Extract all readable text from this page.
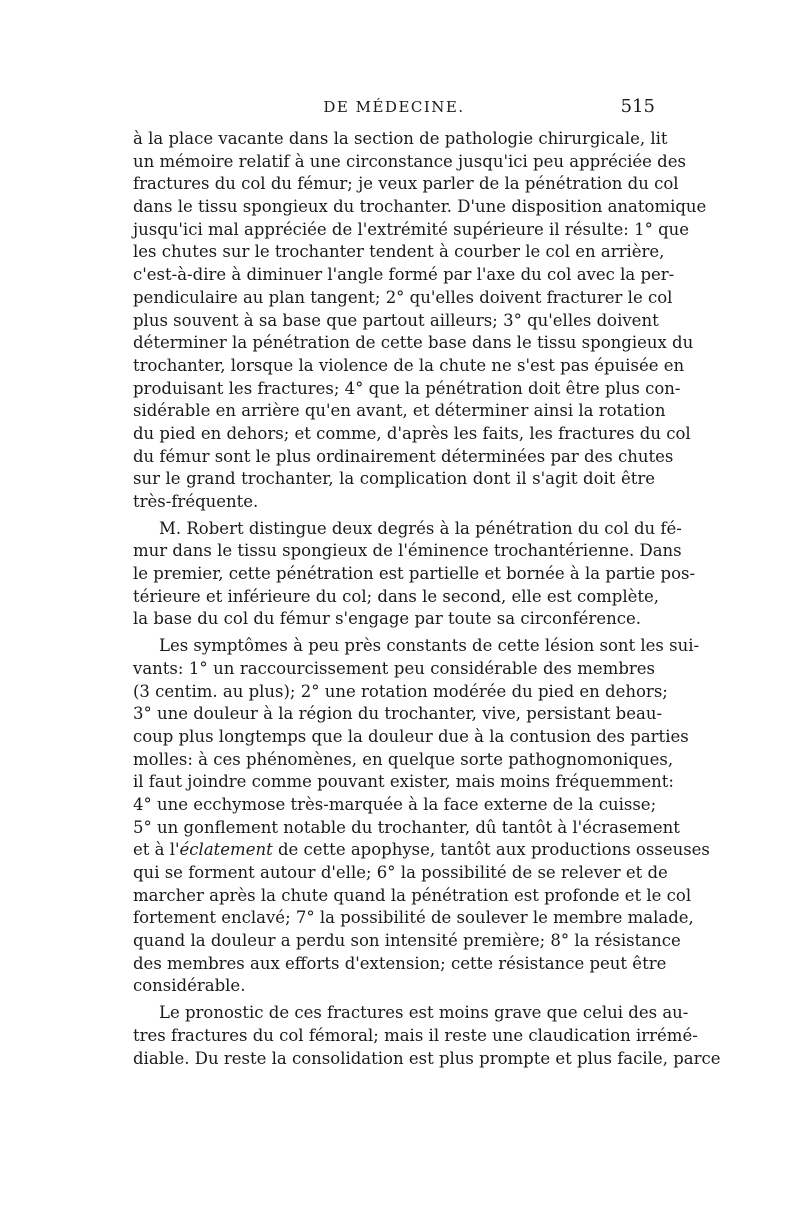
DE MÉDECINE.	515
à la place vacante dans la section de pathologie chirurgicale, lit
un mémoire relatif à une circonstance jusqu'ici peu appréciée des
fractures du col du fémur; je veux parler de la pénétration du col
dans le tissu spongieux du trochanter. D'une disposition anatomique
jusqu'ici mal appréciée de l'extrémité supérieure il résulte: 1° que
les chutes sur le trochanter tendent à courber le col en arrière,
c'est-à-dire à diminuer l'angle formé par l'axe du col avec la per-
pendiculaire au plan tangent; 2° qu'elles doivent fracturer le col
plus souvent à sa base que partout ailleurs; 3° qu'elles doivent
déterminer la pénétration de cette base dans le tissu spongieux du
trochanter, lorsque la violence de la chute ne s'est pas épuisée en
produisant les fractures; 4° que la pénétration doit être plus con-
sidérable en arrière qu'en avant, et déterminer ainsi la rotation
du pied en dehors; et comme, d'après les faits, les fractures du col
du fémur sont le plus ordinairement déterminées par des chutes
sur le grand trochanter, la complication dont il s'agit doit être
très-fréquente.
M. Robert distingue deux degrés à la pénétration du col du fé-
mur dans le tissu spongieux de l'éminence trochantérienne. Dans
le premier, cette pénétration est partielle et bornée à la partie pos-
térieure et inférieure du col; dans le second, elle est complète,
la base du col du fémur s'engage par toute sa circonférence.
Les symptômes à peu près constants de cette lésion sont les sui-
vants: 1° un raccourcissement peu considérable des membres
(3 centim. au plus); 2° une rotation modérée du pied en dehors;
3° une douleur à la région du trochanter, vive, persistant beau-
coup plus longtemps que la douleur due à la contusion des parties
molles: à ces phénomènes, en quelque sorte pathognomoniques,
il faut joindre comme pouvant exister, mais moins fréquemment:
4° une ecchymose très-marquée à la face externe de la cuisse;
5° un gonflement notable du trochanter, dû tantôt à l'écrasement
et à l'éclatement de cette apophyse, tantôt aux productions osseuses
qui se forment autour d'elle; 6° la possibilité de se relever et de
marcher après la chute quand la pénétration est profonde et le col
fortement enclavé; 7° la possibilité de soulever le membre malade,
quand la douleur a perdu son intensité première; 8° la résistance
des membres aux efforts d'extension; cette résistance peut être
considérable.
Le pronostic de ces fractures est moins grave que celui des au-
tres fractures du col fémoral; mais il reste une claudication irrémé-
diable. Du reste la consolidation est plus prompte et plus facile, parce
